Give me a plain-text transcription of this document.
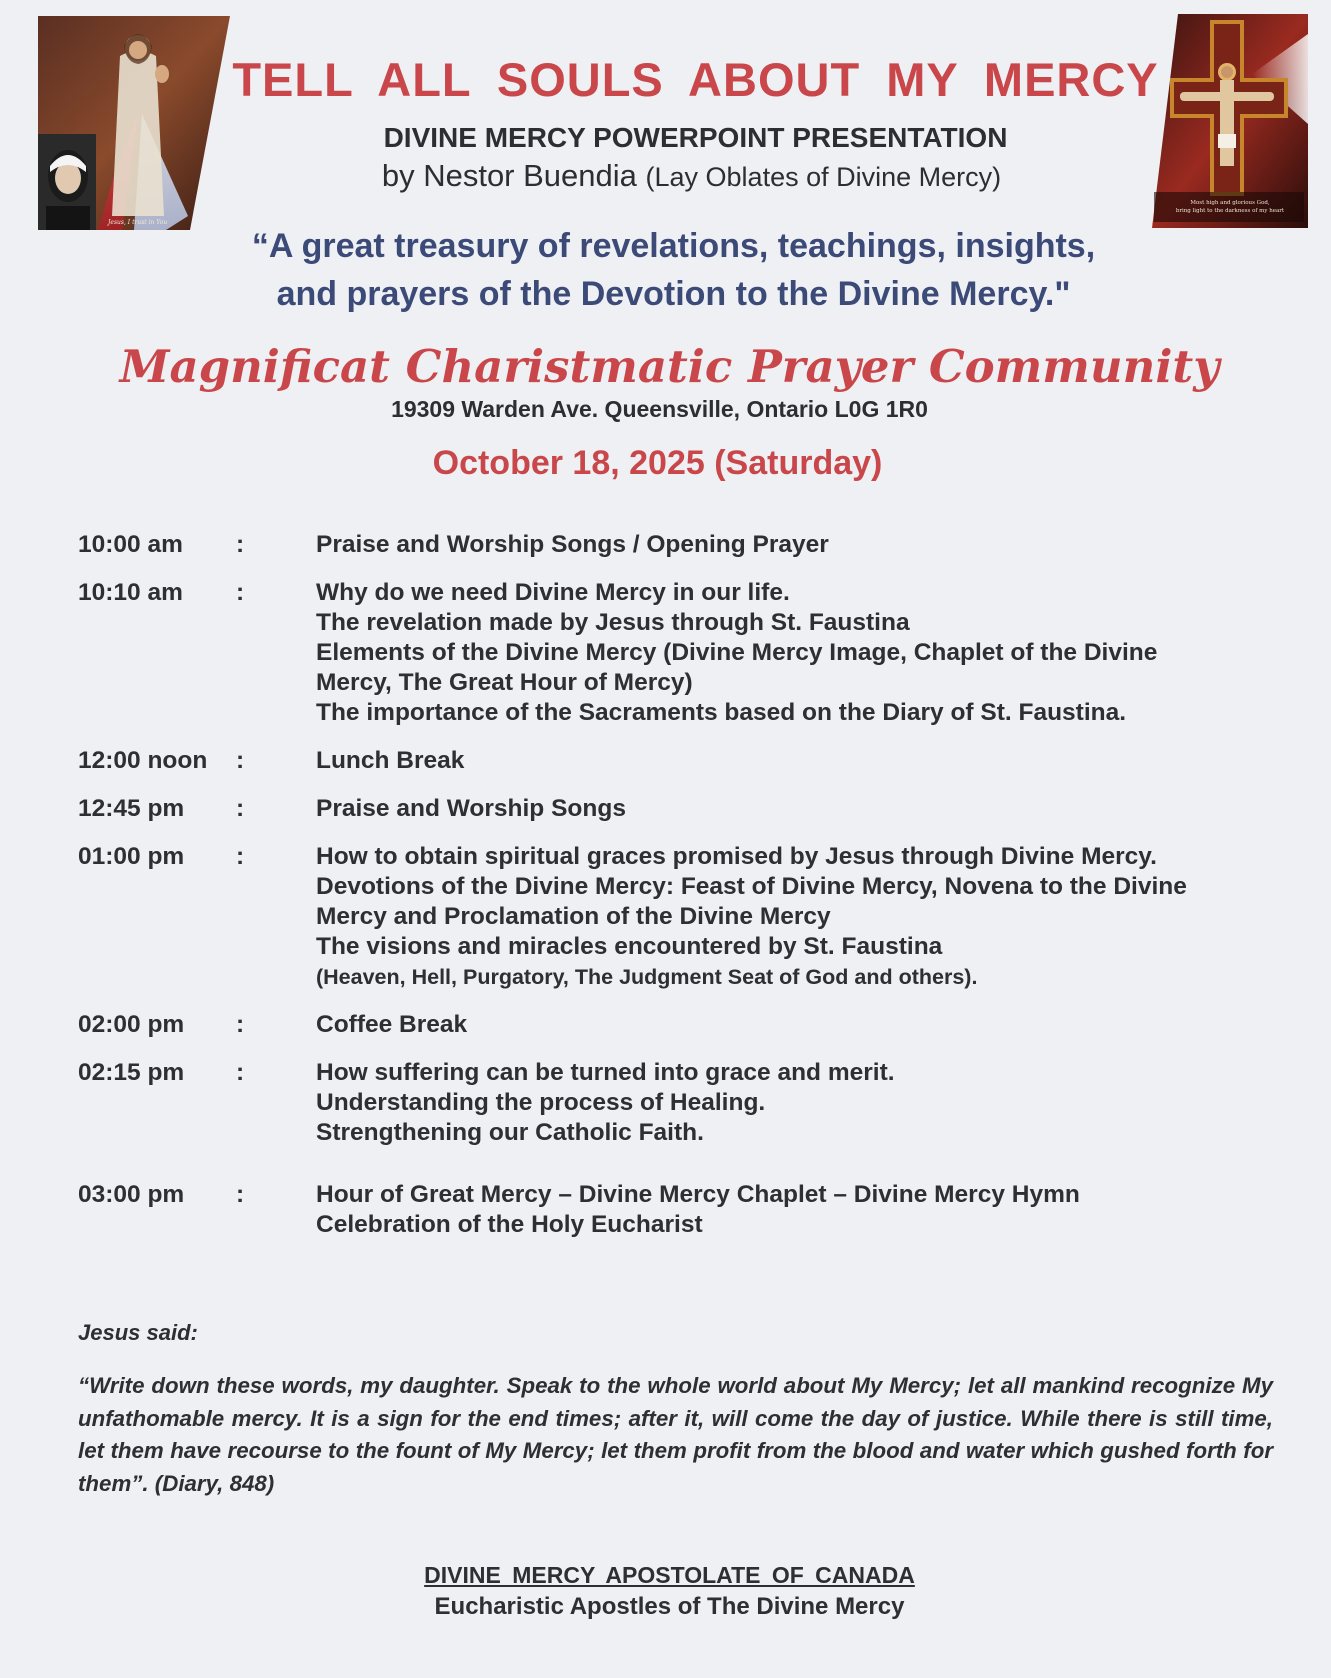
Jesus, I trust in You
Most high and glorious God,
bring light to the darkness of my heart
TELL ALL SOULS ABOUT MY MERCY
DIVINE MERCY POWERPOINT PRESENTATION
by Nestor Buendia (Lay Oblates of Divine Mercy)
“A great treasury of revelations, teachings, insights,
and prayers of the Devotion to the Divine Mercy."
Magnificat Charistmatic Prayer Community
19309 Warden Ave. Queensville, Ontario L0G 1R0
October 18, 2025 (Saturday)
10:00 am	:	Praise and Worship Songs / Opening Prayer
10:10 am	:	Why do we need Divine Mercy in our life.
The revelation made by Jesus through St. Faustina
Elements of the Divine Mercy (Divine Mercy Image, Chaplet of the Divine
Mercy, The Great Hour of Mercy)
The importance of the Sacraments based on the Diary of St. Faustina.
12:00 noon	:	Lunch Break
12:45 pm	:	Praise and Worship Songs
01:00 pm	:	How to obtain spiritual graces promised by Jesus through Divine Mercy.
Devotions of the Divine Mercy: Feast of Divine Mercy, Novena to the Divine
Mercy and Proclamation of the Divine Mercy
The visions and miracles encountered by St. Faustina
(Heaven, Hell, Purgatory, The Judgment Seat of God and others).
02:00 pm	:	Coffee Break
02:15 pm	:	How suffering can be turned into grace and merit.
Understanding the process of Healing.
Strengthening our Catholic Faith.
03:00 pm	:	Hour of Great Mercy – Divine Mercy Chaplet – Divine Mercy Hymn
Celebration of the Holy Eucharist
Jesus said:
“Write down these words, my daughter. Speak to the whole world about My Mercy; let all mankind recognize My unfathomable mercy. It is a sign for the end times; after it, will come the day of justice. While there is still time, let them have recourse to the fount of My Mercy; let them profit from the blood and water which gushed forth for them”. (Diary, 848)
DIVINE MERCY APOSTOLATE OF CANADA
Eucharistic Apostles of The Divine Mercy
